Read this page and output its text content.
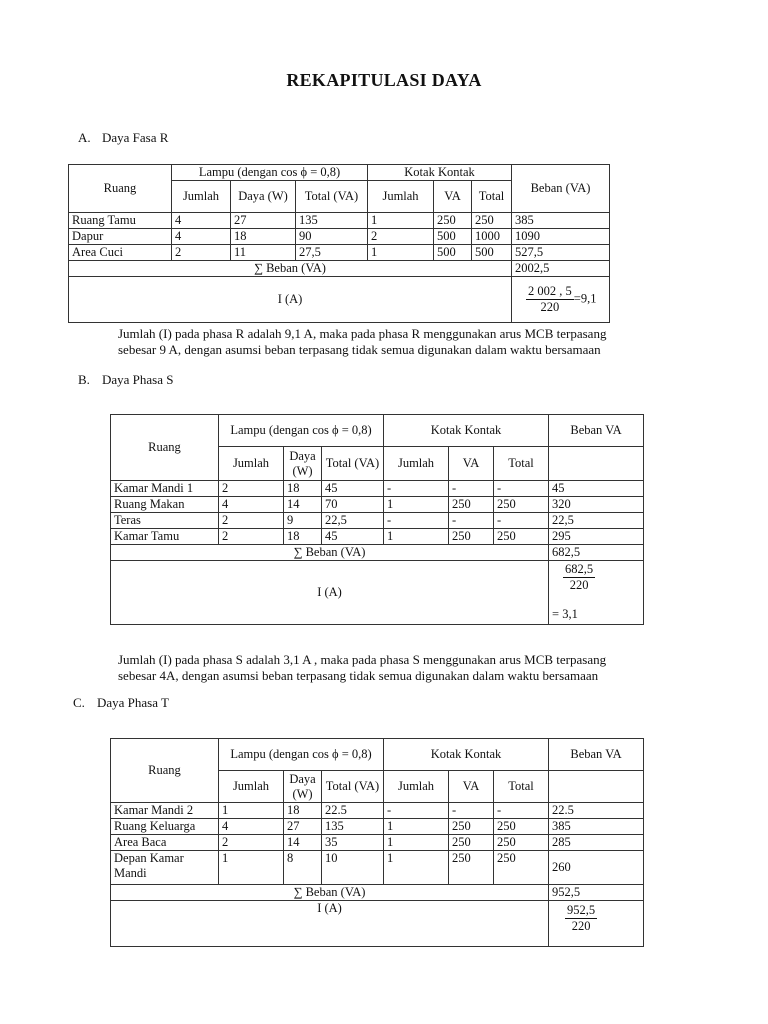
REKAPITULASI DAYA
A. Daya Fasa R
Ruang	Lampu (dengan cos ϕ = 0,8)			Kotak Kontak			Beban (VA)
	Jumlah	Daya (W)	Total (VA)	Jumlah	VA	Total	
Ruang Tamu	4	27	135	1	250	250	385
Dapur	4	18	90	2	500	1000	1090
Area Cuci	2	11	27,5	1	500	500	527,5
∑ Beban (VA)							2002,5
I (A)							$\frac{2 002 , 5}{220} =9,1$
Jumlah (I) pada phasa R adalah 9,1 A, maka pada phasa R menggunakan arus MCB terpasang
sebesar 9 A, dengan asumsi beban terpasang tidak semua digunakan dalam waktu bersamaan
B. Daya Phasa S
Ruang	Lampu (dengan cos ϕ = 0,8)			Kotak Kontak			Beban VA
	Jumlah	Daya (W)	Total (VA)	Jumlah	VA	Total	
Kamar Mandi 1	2	18	45	-	-	-	45
Ruang Makan	4	14	70	1	250	250	320
Teras	2	9	22,5	-	-	-	22,5
Kamar Tamu	2	18	45	1	250	250	295
∑ Beban (VA)							682,5
I (A)							$\frac{682,5}{220}$
= 3,1
Jumlah (I) pada phasa S adalah 3,1 A , maka pada phasa S menggunakan arus MCB terpasang
sebesar 4A, dengan asumsi beban terpasang tidak semua digunakan dalam waktu bersamaan
C. Daya Phasa T
Ruang	Lampu (dengan cos ϕ = 0,8)			Kotak Kontak			Beban VA
	Jumlah	Daya (W)	Total (VA)	Jumlah	VA	Total	
Kamar Mandi 2	1	18	22.5	-	-	-	22.5
Ruang Keluarga	4	27	135	1	250	250	385
Area Baca	2	14	35	1	250	250	285
Depan Kamar Mandi	1	8	10	1	250	250	260
∑ Beban (VA)							952,5
I (A)							$\frac{952,5}{220}$
